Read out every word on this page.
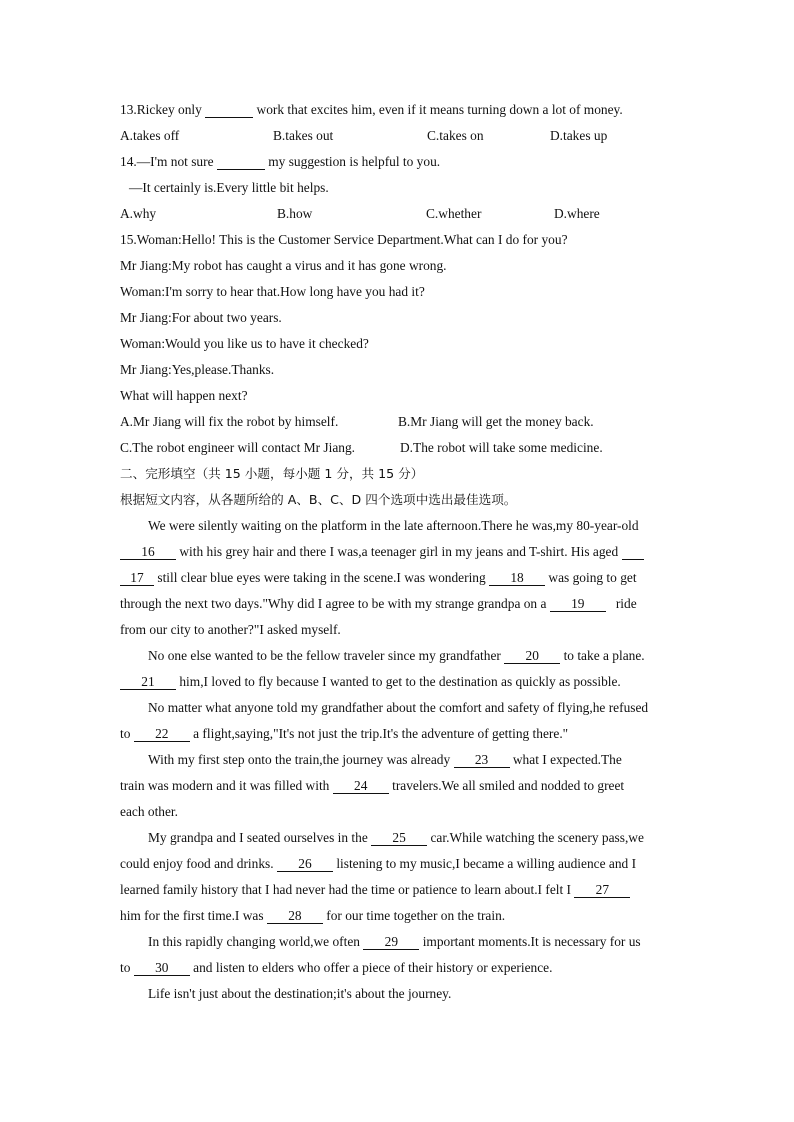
13.Rickey only	work that excites him, even if it means turning down a lot of money.
A.takes off	B.takes out	C.takes on	D.takes up
14.—I'm not sure	my suggestion is helpful to you.
—It certainly is.Every little bit helps.
A.why	B.how	C.whether	D.where
15.Woman:Hello! This is the Customer Service Department.What can I do for you?
Mr Jiang:My robot has caught a virus and it has gone wrong.
Woman:I'm sorry to hear that.How long have you had it?
Mr Jiang:For about two years.
Woman:Would you like us to have it checked?
Mr Jiang:Yes,please.Thanks.
What will happen next?
A.Mr Jiang will fix the robot by himself.	B.Mr Jiang will get the money back.
C.The robot engineer will contact Mr Jiang.	D.The robot will take some medicine.
二、完形填空（共 15 小题，每小题 1 分，共 15 分）
根据短文内容，从各题所给的 A、B、C、D 四个选项中选出最佳选项。
We were silently waiting on the platform in the late afternoon.There he was,my 80-year-old
16 with his grey hair and there I was,a teenager girl in my jeans and T-shirt. His aged
17 still clear blue eyes were taking in the scene.I was wondering 18 was going to get
through the next two days."Why did I agree to be with my strange grandpa on a 19 ride
from our city to another?"I asked myself.
No one else wanted to be the fellow traveler since my grandfather 20 to take a plane.
21 him,I loved to fly because I wanted to get to the destination as quickly as possible.
No matter what anyone told my grandfather about the comfort and safety of flying,he refused
to 22 a flight,saying,"It's not just the trip.It's the adventure of getting there."
With my first step onto the train,the journey was already 23 what I expected.The
train was modern and it was filled with 24 travelers.We all smiled and nodded to greet
each other.
My grandpa and I seated ourselves in the 25 car.While watching the scenery pass,we
could enjoy food and drinks. 26 listening to my music,I became a willing audience and I
learned family history that I had never had the time or patience to learn about.I felt I 27
him for the first time.I was 28 for our time together on the train.
In this rapidly changing world,we often 29 important moments.It is necessary for us
to 30 and listen to elders who offer a piece of their history or experience.
Life isn't just about the destination;it's about the journey.
